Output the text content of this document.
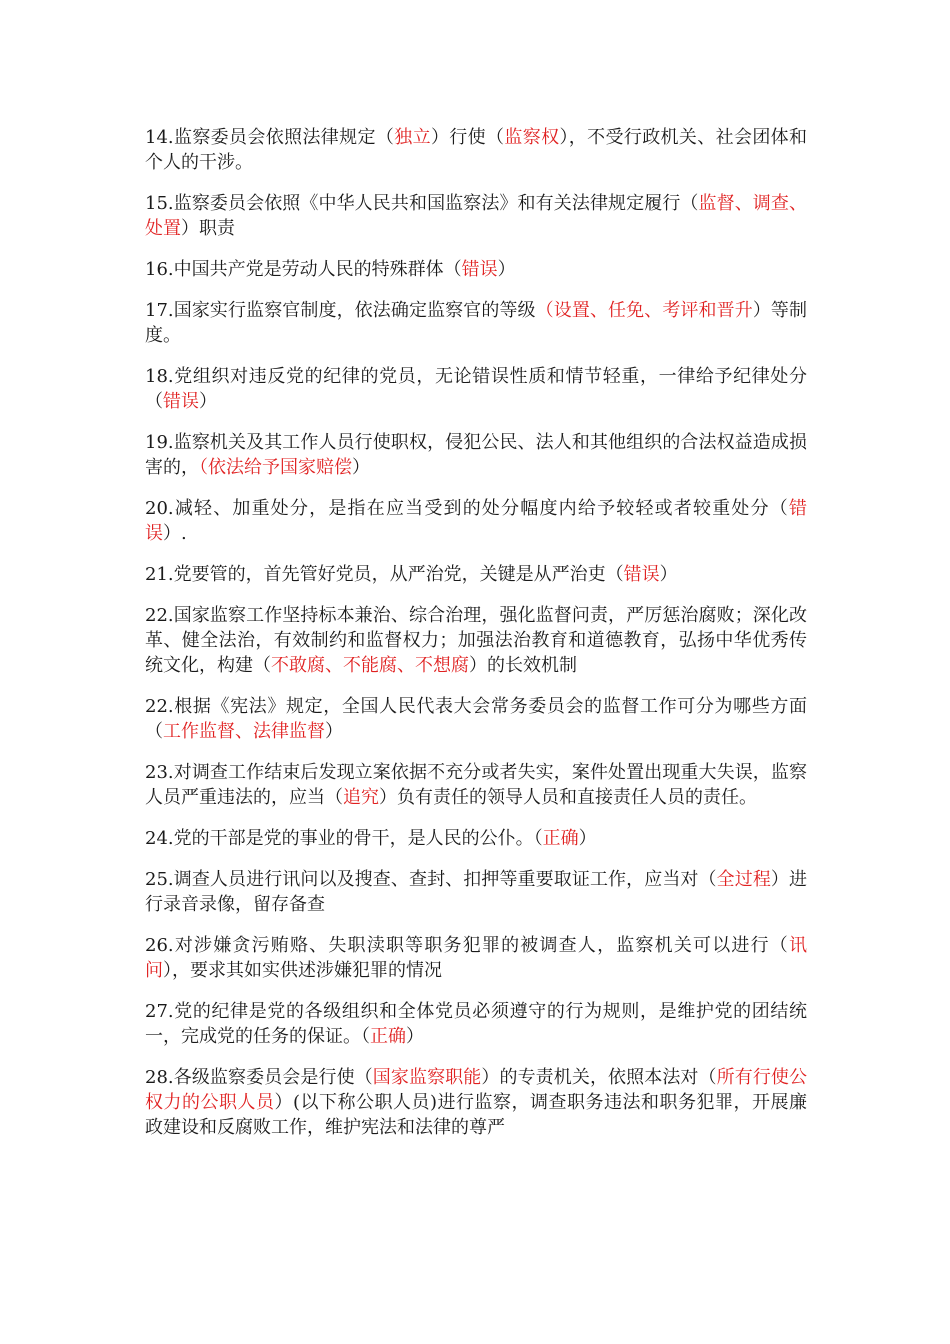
14.监察委员会依照法律规定（独立）行使（监察权），不受行政机关、社会团体和个人的干涉。

15.监察委员会依照《中华人民共和国监察法》和有关法律规定履行（监督、调查、处置）职责

16.中国共产党是劳动人民的特殊群体（错误）

17.国家实行监察官制度，依法确定监察官的等级（设置、任免、考评和晋升）等制度。

18.党组织对违反党的纪律的党员，无论错误性质和情节轻重，一律给予纪律处分（错误）

19.监察机关及其工作人员行使职权，侵犯公民、法人和其他组织的合法权益造成损害的，（依法给予国家赔偿）

20.减轻、加重处分，是指在应当受到的处分幅度内给予较轻或者较重处分（错误）.

21.党要管的，首先管好党员，从严治党，关键是从严治吏（错误）

22.国家监察工作坚持标本兼治、综合治理，强化监督问责，严厉惩治腐败；深化改革、健全法治，有效制约和监督权力；加强法治教育和道德教育，弘扬中华优秀传统文化，构建（不敢腐、不能腐、不想腐）的长效机制

22.根据《宪法》规定，全国人民代表大会常务委员会的监督工作可分为哪些方面（工作监督、法律监督）

23.对调查工作结束后发现立案依据不充分或者失实，案件处置出现重大失误，监察人员严重违法的，应当（追究）负有责任的领导人员和直接责任人员的责任。

24.党的干部是党的事业的骨干，是人民的公仆。（正确）

25.调查人员进行讯问以及搜查、查封、扣押等重要取证工作，应当对（全过程）进行录音录像，留存备查

26.对涉嫌贪污贿赂、失职渎职等职务犯罪的被调查人，监察机关可以进行（讯问），要求其如实供述涉嫌犯罪的情况

27.党的纪律是党的各级组织和全体党员必须遵守的行为规则，是维护党的团结统一，完成党的任务的保证。（正确）

28.各级监察委员会是行使（国家监察职能）的专责机关，依照本法对（所有行使公权力的公职人员）(以下称公职人员)进行监察，调查职务违法和职务犯罪，开展廉政建设和反腐败工作，维护宪法和法律的尊严
